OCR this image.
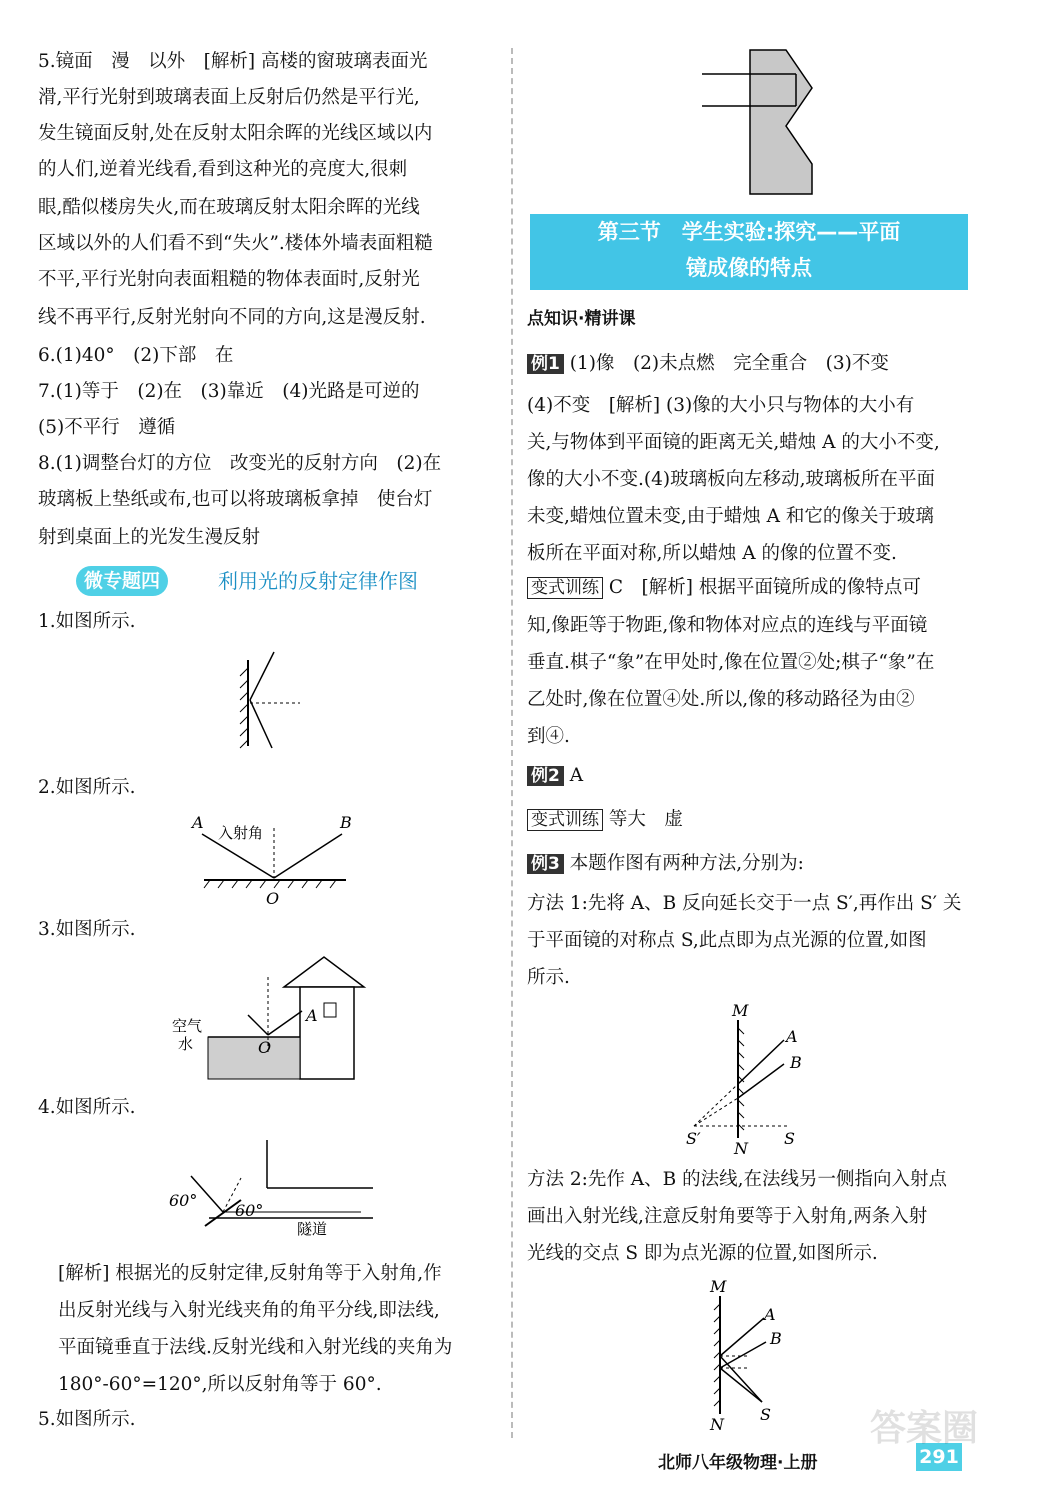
5.镜面　漫　以外　[解析] 高楼的窗玻璃表面光
滑,平行光射到玻璃表面上反射后仍然是平行光,
发生镜面反射,处在反射太阳余晖的光线区域以内
的人们,逆着光线看,看到这种光的亮度大,很刺
眼,酷似楼房失火,而在玻璃反射太阳余晖的光线
区域以外的人们看不到“失火”.楼体外墙表面粗糙
不平,平行光射向表面粗糙的物体表面时,反射光
线不再平行,反射光射向不同的方向,这是漫反射.
6.(1)40°　(2)下部　在
7.(1)等于　(2)在　(3)靠近　(4)光路是可逆的
(5)不平行　遵循
8.(1)调整台灯的方位　改变光的反射方向　(2)在
玻璃板上垫纸或布,也可以将玻璃板拿掉　使台灯
射到桌面上的光发生漫反射
微专题四	利用光的反射定律作图
1.如图所示.
2.如图所示.
3.如图所示.
4.如图所示.
[解析] 根据光的反射定律,反射角等于入射角,作
出反射光线与入射光线夹角的角平分线,即法线,
平面镜垂直于法线.反射光线和入射光线的夹角为
180°-60°=120°,所以反射角等于 60°.
5.如图所示.
A	B
入射角
O
空气
水
A
O
60°
60°
隧道
第三节　学生实验:探究——平面
镜成像的特点
点知识·精讲课
例1 (1)像　(2)未点燃　完全重合　(3)不变
(4)不变　[解析] (3)像的大小只与物体的大小有
关,与物体到平面镜的距离无关,蜡烛 A 的大小不变,
像的大小不变.(4)玻璃板向左移动,玻璃板所在平面
未变,蜡烛位置未变,由于蜡烛 A 和它的像关于玻璃
板所在平面对称,所以蜡烛 A 的像的位置不变.
变式训练 C　[解析] 根据平面镜所成的像特点可
知,像距等于物距,像和物体对应点的连线与平面镜
垂直.棋子“象”在甲处时,像在位置②处;棋子“象”在
乙处时,像在位置④处.所以,像的移动路径为由②
到④.
例2 A
变式训练 等大　虚
例3 本题作图有两种方法,分别为:
方法 1:先将 A、B 反向延长交于一点 S′,再作出 S′ 关
于平面镜的对称点 S,此点即为点光源的位置,如图
所示.
M
A
B
S′
N
S
方法 2:先作 A、B 的法线,在法线另一侧指向入射点
画出入射光线,注意反射角要等于入射角,两条入射
光线的交点 S 即为点光源的位置,如图所示.
M
A
B
S
N
北师八年级物理·上册	291
答案圈
